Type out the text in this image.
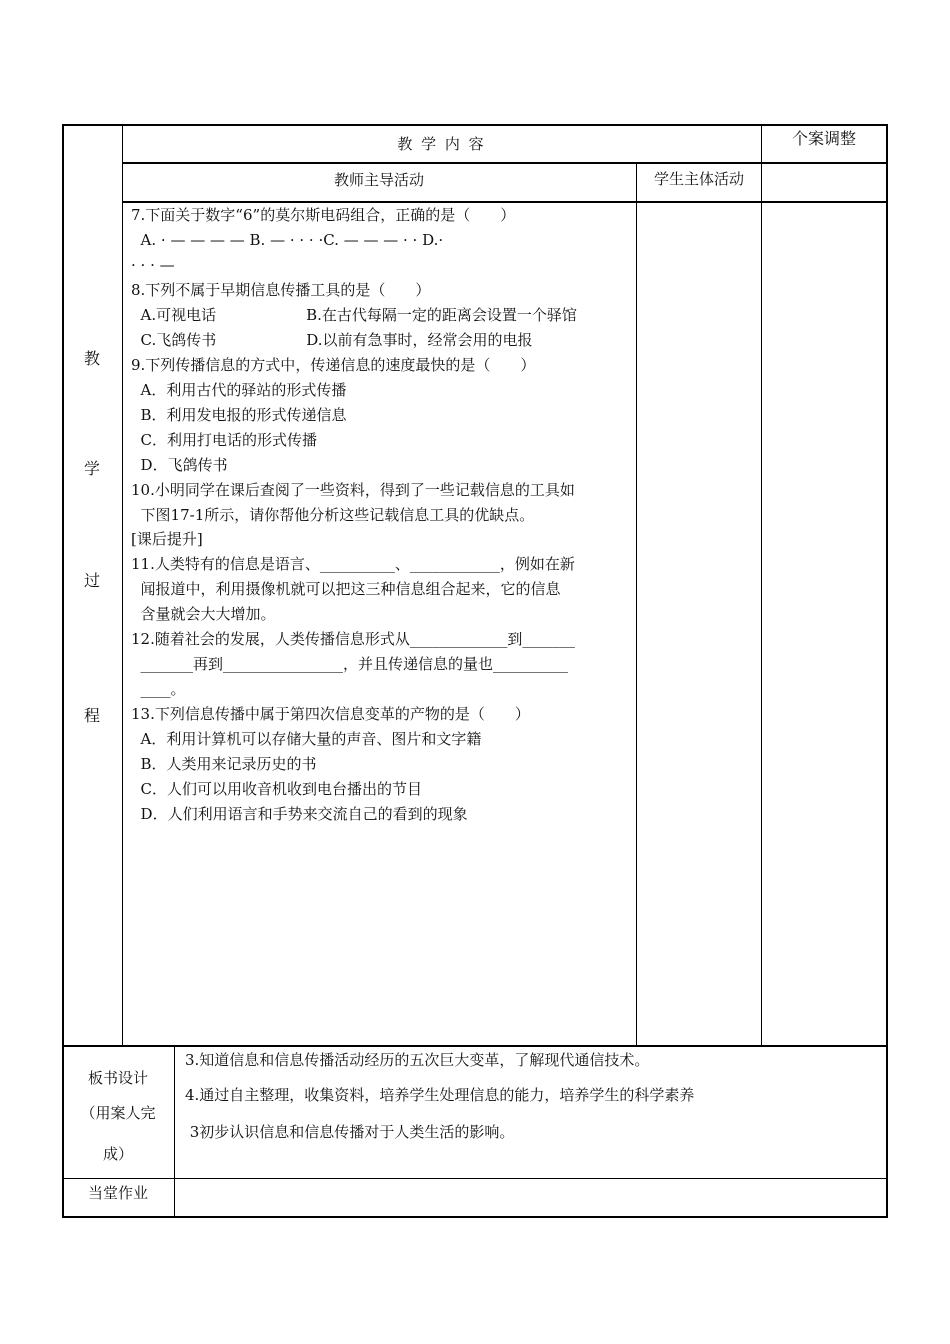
教 学 内 容	个案调整
教师主导活动	学生主体活动
教
学
过
程
7.下面关于数字“6”的莫尔斯电码组合，正确的是（　　）
A. · — — — — B. — · · · ·C. — — — · · D.·
· · · —
8.下列不属于早期信息传播工具的是（　　）
A.可视电话　　　　　　B.在古代每隔一定的距离会设置一个驿馆
C.飞鸽传书　　　　　　D.以前有急事时，经常会用的电报
9.下列传播信息的方式中，传递信息的速度最快的是（　　）
A．利用古代的驿站的形式传播
B．利用发电报的形式传递信息
C．利用打电话的形式传播
D．飞鸽传书
10.小明同学在课后查阅了一些资料，得到了一些记载信息的工具如
下图17-1所示，请你帮他分析这些记载信息工具的优缺点。
[课后提升]
11.人类特有的信息是语言、__________、____________，例如在新
闻报道中，利用摄像机就可以把这三种信息组合起来，它的信息
含量就会大大增加。
12.随着社会的发展，人类传播信息形式从_____________到_______
_______再到________________，并且传递信息的量也__________
____。
13.下列信息传播中属于第四次信息变革的产物的是（　　）
A．利用计算机可以存储大量的声音、图片和文字籍
B．人类用来记录历史的书
C．人们可以用收音机收到电台播出的节目
D．人们利用语言和手势来交流自己的看到的现象
板书设计
（用案人完
成）
3.知道信息和信息传播活动经历的五次巨大变革，了解现代通信技术。
4.通过自主整理，收集资料，培养学生处理信息的能力，培养学生的科学素养
3初步认识信息和信息传播对于人类生活的影响。
当堂作业
